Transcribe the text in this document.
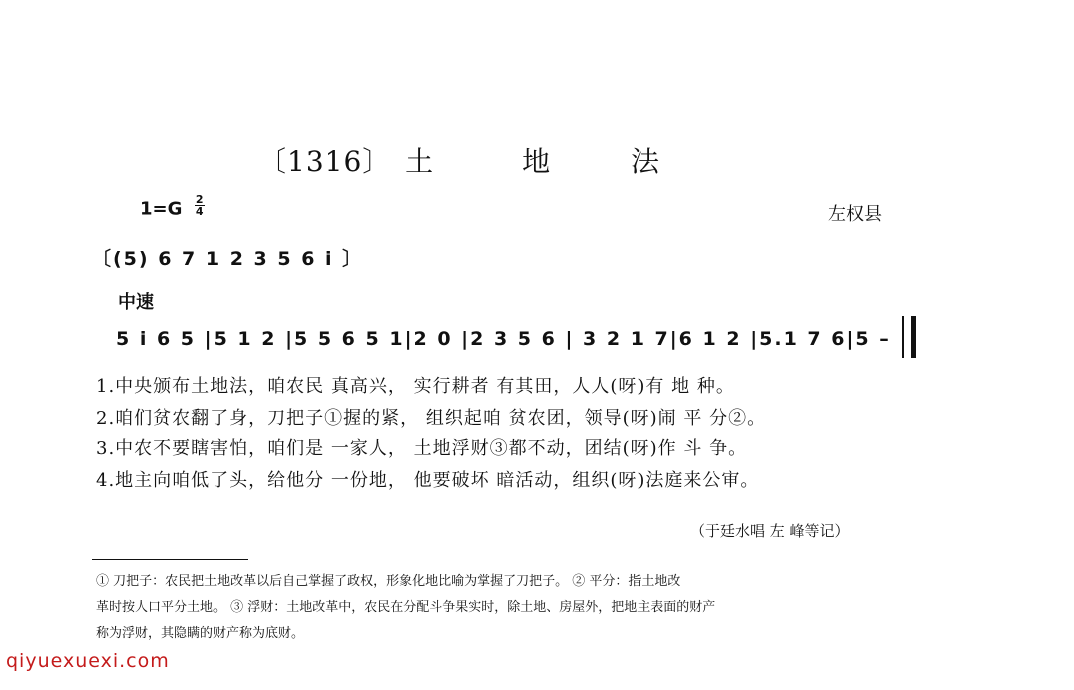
〔1316〕 土	地	法
$1=G \frac{2}{4}$	左权县
〔(5) 6 7 1 2 3 5 6 i 〕
中速
5 i 6 5 |5 1 2 |5 5 6 5 1|2 0 |2 3 5 6 | 3 2 1 7|6 1 2 |5.1 7 6|5 –
1.中央颁布土地法，咱农民 真高兴， 实行耕者 有其田，人人(呀)有 地 种。
2.咱们贫农翻了身，刀把子①握的紧， 组织起咱 贫农团，领导(呀)闹 平 分②。
3.中农不要瞎害怕，咱们是 一家人， 土地浮财③都不动，团结(呀)作 斗 争。
4.地主向咱低了头，给他分 一份地， 他要破坏 暗活动，组织(呀)法庭来公审。
（于廷水唱 左 峰等记）
① 刀把子：农民把土地改革以后自己掌握了政权，形象化地比喻为掌握了刀把子。 ② 平分：指土地改
革时按人口平分土地。 ③ 浮财：土地改革中，农民在分配斗争果实时，除土地、房屋外，把地主表面的财产
称为浮财，其隐瞒的财产称为底财。
qiyuexuexi.com
